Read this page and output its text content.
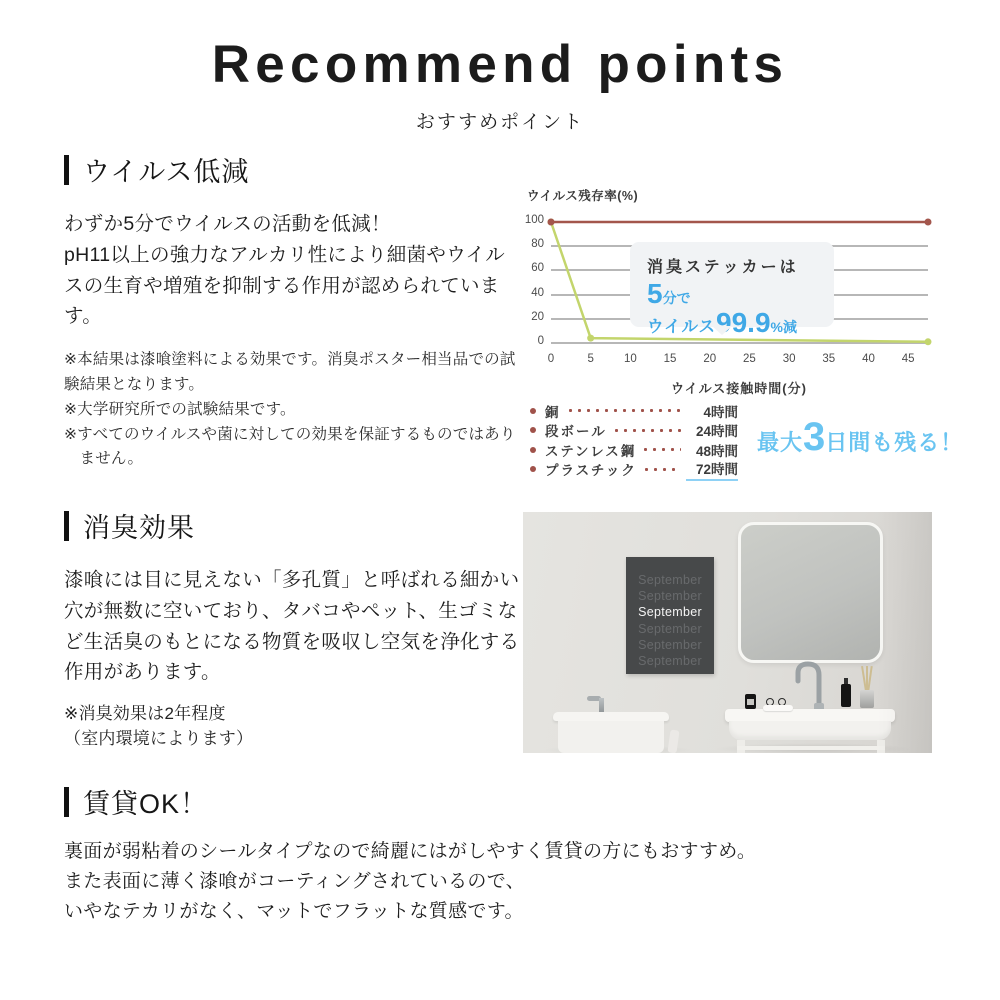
Recommend points
おすすめポイント
ウイルス低減

わずか5分でウイルスの活動を低減！

pH11以上の強力なアルカリ性により細菌やウイルスの生育や増殖を抑制する作用が認められています。

※本結果は漆喰塗料による効果です。消臭ポスター相当品での試験結果となります。

※大学研究所での試験結果です。

※すべてのウイルスや菌に対しての効果を保証するものではありません。

ウイルス残存率(%)
100
80
60
40
20
0
0	5	10 15 20 25 30 35 40 45
ウイルス接触時間(分)
消臭ステッカーは
5分で
ウイルス99.9%減
銅	4時間
段ボール	24時間
ステンレス鋼	48時間
プラスチック	72時間
最大 3 日間も残る！
消臭効果

漆喰には目に見えない「多孔質」と呼ばれる細かい穴が無数に空いており、タバコやペット、生ゴミなど生活臭のもとになる物質を吸収し空気を浄化する作用があります。

※消臭効果は2年程度

（室内環境によります）

September
September
September
September
September
September
賃貸OK！

裏面が弱粘着のシールタイプなので綺麗にはがしやすく賃貸の方にもおすすめ。

また表面に薄く漆喰がコーティングされているので、

いやなテカリがなく、マットでフラットな質感です。
